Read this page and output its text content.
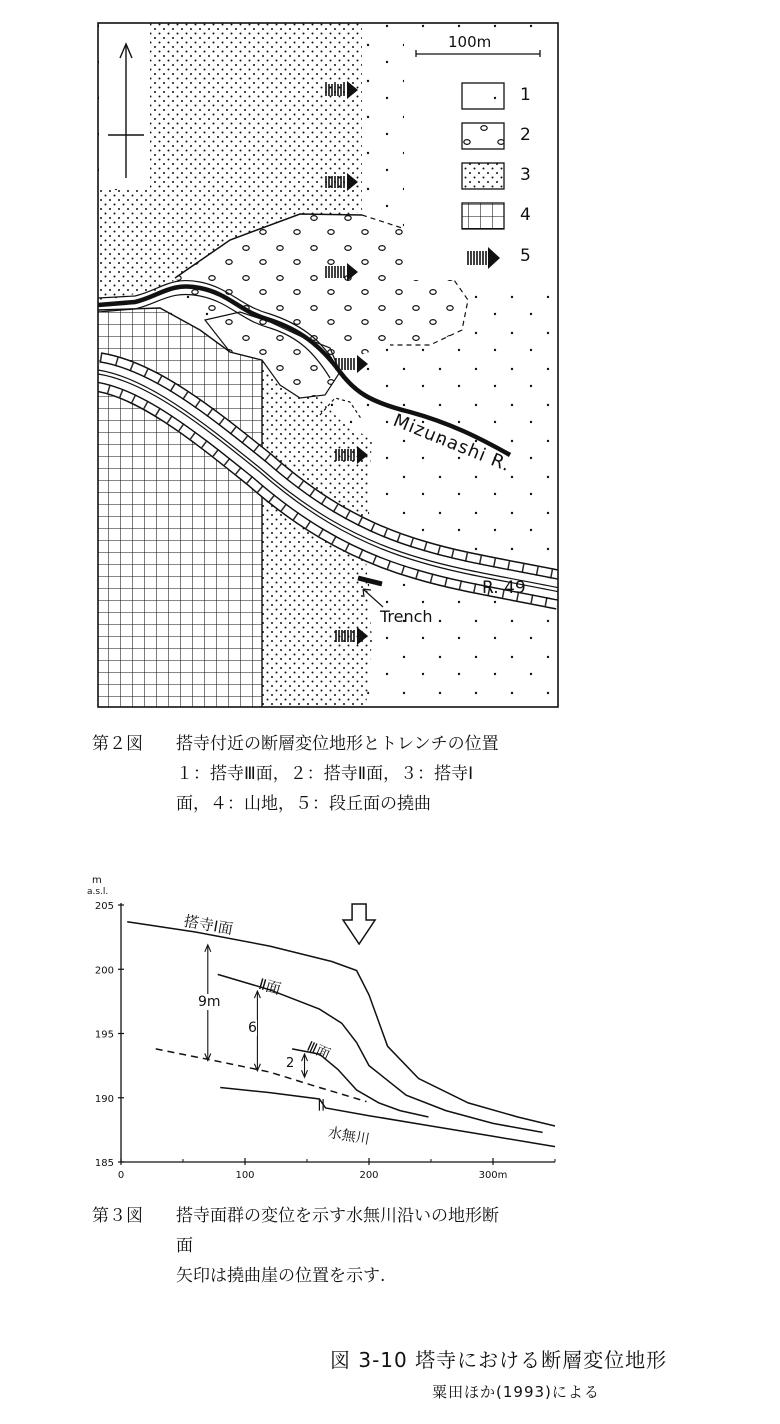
100m
1
2
3
4
5
Mizunashi R.
R. 49
Trench
第２図 搭寺付近の断層変位地形とトレンチの位置
１：搭寺Ⅲ面，２：搭寺Ⅱ面，３：搭寺Ⅰ
面，４：山地，５：段丘面の撓曲
185
190
195
200
205
0	100	200	300m
m
a.s.l.
搭寺Ⅰ面
Ⅱ面
Ⅲ面
水無川
9m
6
2
第３図 搭寺面群の変位を示す水無川沿いの地形断
面
矢印は撓曲崖の位置を示す.
図 3-10 塔寺における断層変位地形
粟田ほか(1993)による
